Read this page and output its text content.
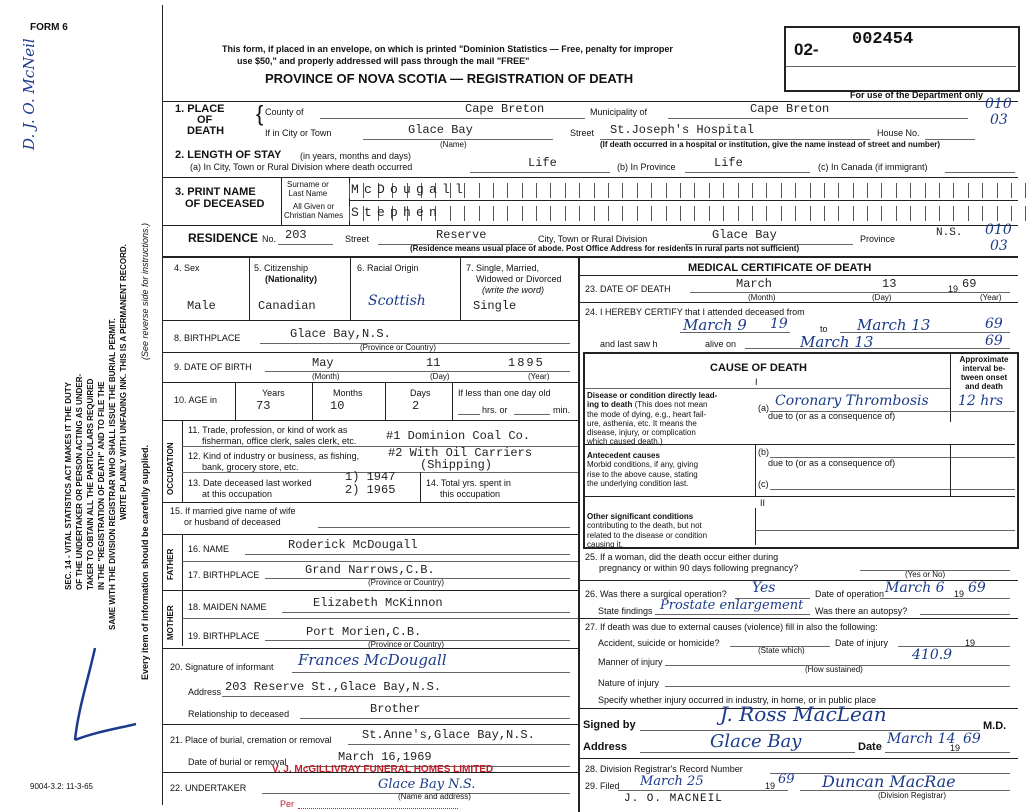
FORM 6
D. J. O. McNeil
SEC. 14 - VITAL STATISTICS ACT MAKES IT THE DUTY OF THE UNDERTAKER OR PERSON ACTING AS UNDER- TAKER TO OBTAIN ALL THE PARTICULARS REQUIRED IN THE "REGISTRATION OF DEATH" AND TO FILE THE SAME WITH THE DIVISION REGISTRAR WHO SHALL ISSUE THE BURIAL PERMIT. WRITE PLAINLY WITH UNFADING INK. THIS IS A PERMANENT RECORD.
Every item of information should be carefully supplied.
(See reverse side for instructions.)
9004-3.2: 11-3-65
This form, if placed in an envelope, on which is printed "Dominion Statistics — Free, penalty for improper
use $50," and properly addressed will pass through the mail "FREE"
PROVINCE OF NOVA SCOTIA — REGISTRATION OF DEATH
02-
002454
For use of the Department only
1. PLACE
OF
DEATH
{ County of	Cape Breton	Municipality of	Cape Breton	010
03
If in City or Town	Glace Bay
(Name)
Street St.Joseph's Hospital	House No.
(If death occurred in a hospital or institution, give the name instead of street and number)
2. LENGTH OF STAY (in years, months and days)
(a) In City, Town or Rural Division where death occurred	Life	(b) In Province	Life	(c) In Canada (if immigrant)
3. PRINT NAME
OF DECEASED
Surname or
Last Name
All Given or
Christian Names
McDougall
Stephen
RESIDENCE No. 203	Street	Reserve	City, Town or Rural Division	Glace Bay	Province	N.S. 010
03
(Residence means usual place of abode. Post Office Address for residents in rural parts not sufficient)
4. Sex
Male
5. Citizenship
(Nationality)
Canadian
6. Racial Origin
Scottish
7. Single, Married,
Widowed or Divorced
(write the word)
Single
8. BIRTHPLACE	Glace Bay,N.S.
(Province or Country)
9. DATE OF BIRTH	May	11	1895
(Month)	(Day)	(Year)
10. AGE in
Years
73
Months
10
Days
2
If less than one day old
hrs. or	min.
OCCUPATION
11. Trade, profession, or kind of work as
fisherman, office clerk, sales clerk, etc. #1 Dominion Coal Co.
12. Kind of industry or business, as fishing,
bank, grocery store, etc.
#2 With Oil Carriers
(Shipping)
13. Date deceased last worked
at this occupation
1) 1947
2) 1965	14. Total yrs. spent in
this occupation
15. If married give name of wife
or husband of deceased
FATHER 16. NAME	Roderick McDougall
17. BIRTHPLACE	Grand Narrows,C.B.
(Province or Country)
MOTHER 18. MAIDEN NAME	Elizabeth McKinnon
19. BIRTHPLACE	Port Morien,C.B.
(Province or Country)
20. Signature of informant Frances McDougall
Address 203 Reserve St.,Glace Bay,N.S.
Relationship to deceased	Brother
21. Place of burial, cremation or removal	St.Anne's,Glace Bay,N.S.
Date of burial or removal	March 16,1969
22. UNDERTAKER
V. J. McGILLIVRAY FUNERAL HOMES LIMITED
Glace Bay N.S.
(Name and address)
Per
MEDICAL CERTIFICATE OF DEATH
23. DATE OF DEATH	March	13	19 69
(Month)	(Day)	(Year)
24. I HEREBY CERTIFY that I attended deceased from
March 9 19	to March 13	69
and last saw h	alive on	March 13	69
CAUSE OF DEATH
Approximate
interval be-
tween onset
and death
I
Disease or condition directly lead-
ing to death (This does not mean
the mode of dying, e.g., heart fail-
ure, asthenia, etc. It means the
disease, injury, or complication
which caused death.)
(a) Coronary Thrombosis 12 hrs
due to (or as a consequence of)
Antecedent causes
Morbid conditions, if any, giving
rise to the above cause, stating
the underlying condition last.
(b)
due to (or as a consequence of)
(c)
II
Other significant conditions
contributing to the death, but not
related to the disease or condition
causing it.
25. If a woman, did the death occur either during
pregnancy or within 90 days following pregnancy?
(Yes or No)
26. Was there a surgical operation? Yes	Date of operation March 6 19 69
State findings Prostate enlargement Was there an autopsy?
27. If death was due to external causes (violence) fill in also the following:
Accident, suicide or homicide?
(State which)
Date of injury	19
Manner of injury	410.9
(How sustained)
Nature of injury
Specify whether injury occurred in industry, in home, or in public place
Signed by	J. Ross MacLean	M.D.
Address	Glace Bay	Date March 14
19
69
28. Division Registrar's Record Number
29. Filed March 25	19 69 Duncan MacRae
(Division Registrar)
J. O. MACNEIL
